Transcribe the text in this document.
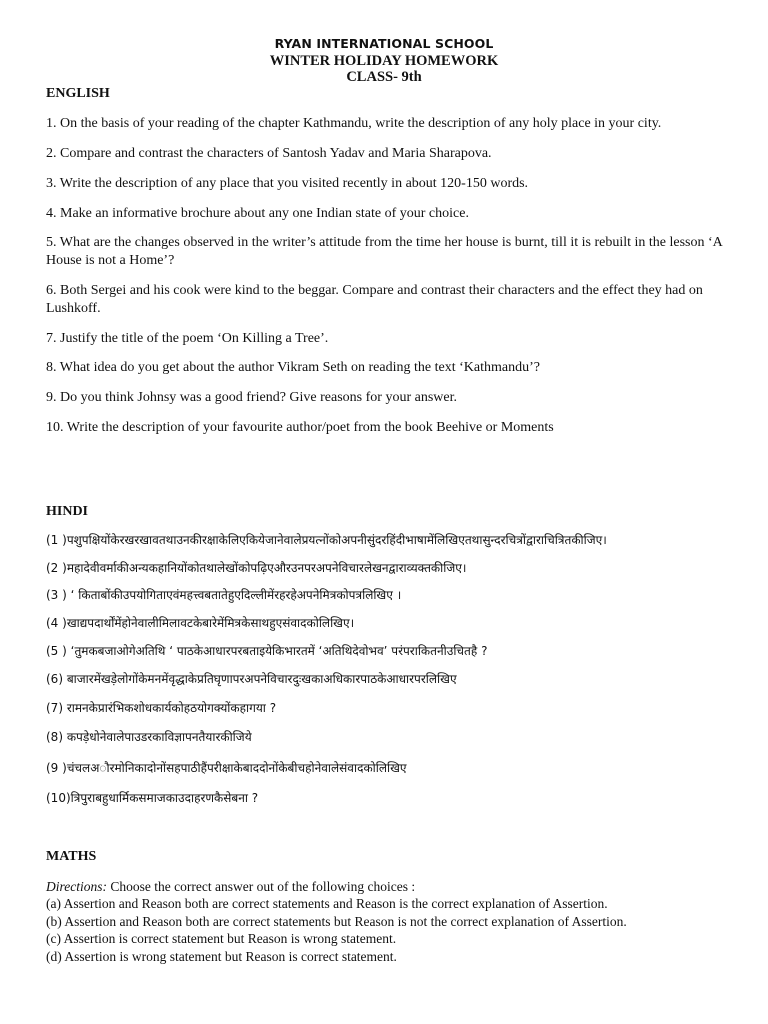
RYAN INTERNATIONAL SCHOOL
WINTER HOLIDAY HOMEWORK
CLASS- 9th
ENGLISH
1. On the basis of your reading of the chapter Kathmandu, write the description of any holy place in your city.
2. Compare and contrast the characters of Santosh Yadav and Maria Sharapova.
3. Write the description of any place that you visited recently in about 120-150 words.
4. Make an informative brochure about any one Indian state of your choice.
5. What are the changes observed in the writer’s attitude from the time her house is burnt, till it is rebuilt in the lesson ‘A House is not a Home’?
6. Both Sergei and his cook were kind to the beggar. Compare and contrast their characters and the effect they had on Lushkoff.
7. Justify the title of the poem ‘On Killing a Tree’.
8. What idea do you get about the author Vikram Seth on reading the text ‘Kathmandu’?
9. Do you think Johnsy was a good friend? Give reasons for your answer.
10. Write the description of your favourite author/poet from the book Beehive or Moments
HINDI
(1 )पशुपक्षियोंकेरखरखावतथाउनकीरक्षाकेलिएकियेजानेवालेप्रयत्नोंकोअपनीसुंदरहिंदीभाषामेंलिखिएतथासुन्दरचित्रोंद्वाराचित्रितकीजिए।
(2 )महादेवीवर्माकीअन्यकहानियोंकोतथालेखोंकोपढ़िएऔरउनपरअपनेविचारलेखनद्वाराव्यक्तकीजिए।
(3 ) ‘ किताबोंकीउपयोगिताएवंमहत्त्वबतातेहुएदिल्लीमेंरहरहेअपनेमित्रकोपत्रलिखिए ।
(4 )खाद्यपदार्थोंमेंहोनेवालीमिलावटकेबारेमेंमित्रकेसाथहुएसंवादकोलिखिए।
(5 ) ‘तुमकबजाओगेअतिथि ‘ पाठकेआधारपरबताइयेकिभारतमें ‘अतिथिदेवोभव’ परंपराकितनीउचितहै ?
(6) बाजारमेंखड़ेलोगोंकेमनमेंवृद्धाकेप्रतिघृणापरअपनेविचारदुःखकाअधिकारपाठकेआधारपरलिखिए
(7) रामनकेप्रारंभिकशोधकार्यकोहठयोगक्योंकहागया ?
(8) कपड़ेधोनेवालेपाउडरकाविज्ञापनतैयारकीजिये
(9 )चंचलअौरमोनिकादोनोंसहपाठीहैंपरीक्षाकेबाददोनोंकेबीचहोनेवालेसंवादकोलिखिए
(10)त्रिपुराबहुधार्मिकसमाजकाउदाहरणकैसेबना ?
MATHS
Directions: Choose the correct answer out of the following choices :
(a) Assertion and Reason both are correct statements and Reason is the correct explanation of Assertion.
(b) Assertion and Reason both are correct statements but Reason is not the correct explanation of Assertion.
(c) Assertion is correct statement but Reason is wrong statement.
(d) Assertion is wrong statement but Reason is correct statement.
